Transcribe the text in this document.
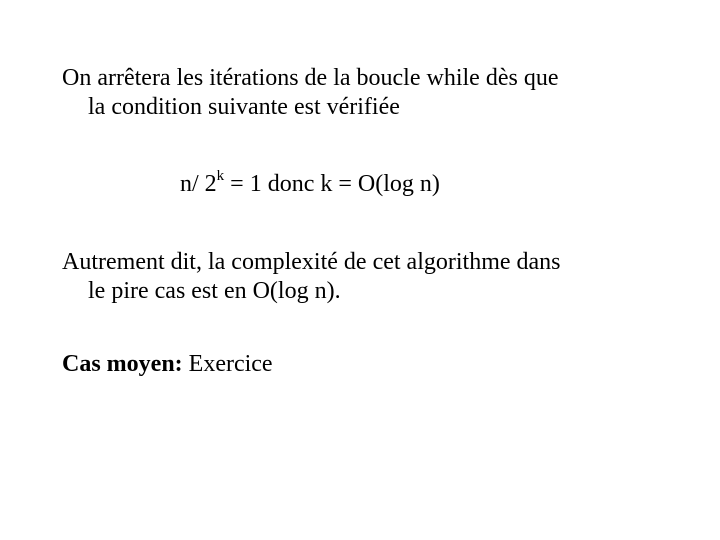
On arrêtera les itérations de la boucle while dès que
la condition suivante est vérifiée
n/ $2^k = 1$ donc k = O(log n)
Autrement dit, la complexité de cet algorithme dans
le pire cas est en O(log n).
Cas moyen: Exercice
